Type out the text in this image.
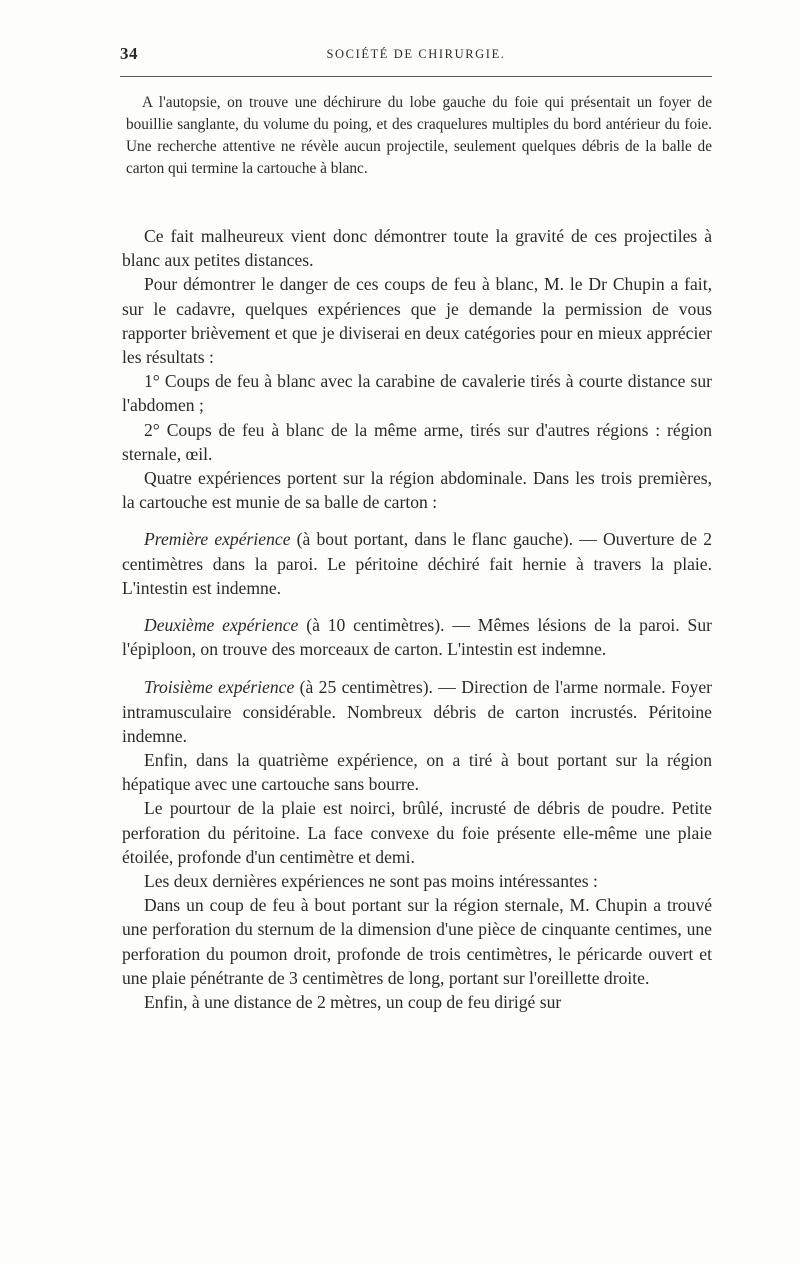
34	SOCIÉTÉ DE CHIRURGIE.

A l'autopsie, on trouve une déchirure du lobe gauche du foie qui présentait un foyer de bouillie sanglante, du volume du poing, et des craquelures multiples du bord antérieur du foie. Une recherche attentive ne révèle aucun projectile, seulement quelques débris de la balle de carton qui termine la cartouche à blanc.

Ce fait malheureux vient donc démontrer toute la gravité de ces projectiles à blanc aux petites distances.

Pour démontrer le danger de ces coups de feu à blanc, M. le Dr Chupin a fait, sur le cadavre, quelques expériences que je demande la permission de vous rapporter brièvement et que je diviserai en deux catégories pour en mieux apprécier les résultats :

1° Coups de feu à blanc avec la carabine de cavalerie tirés à courte distance sur l'abdomen ;

2° Coups de feu à blanc de la même arme, tirés sur d'autres régions : région sternale, œil.

Quatre expériences portent sur la région abdominale. Dans les trois premières, la cartouche est munie de sa balle de carton :

Première expérience (à bout portant, dans le flanc gauche). — Ouverture de 2 centimètres dans la paroi. Le péritoine déchiré fait hernie à travers la plaie. L'intestin est indemne.

Deuxième expérience (à 10 centimètres). — Mêmes lésions de la paroi. Sur l'épiploon, on trouve des morceaux de carton. L'intestin est indemne.

Troisième expérience (à 25 centimètres). — Direction de l'arme normale. Foyer intramusculaire considérable. Nombreux débris de carton incrustés. Péritoine indemne.

Enfin, dans la quatrième expérience, on a tiré à bout portant sur la région hépatique avec une cartouche sans bourre.

Le pourtour de la plaie est noirci, brûlé, incrusté de débris de poudre. Petite perforation du péritoine. La face convexe du foie présente elle-même une plaie étoilée, profonde d'un centimètre et demi.

Les deux dernières expériences ne sont pas moins intéressantes :

Dans un coup de feu à bout portant sur la région sternale, M. Chupin a trouvé une perforation du sternum de la dimension d'une pièce de cinquante centimes, une perforation du poumon droit, profonde de trois centimètres, le péricarde ouvert et une plaie pénétrante de 3 centimètres de long, portant sur l'oreillette droite.

Enfin, à une distance de 2 mètres, un coup de feu dirigé sur
